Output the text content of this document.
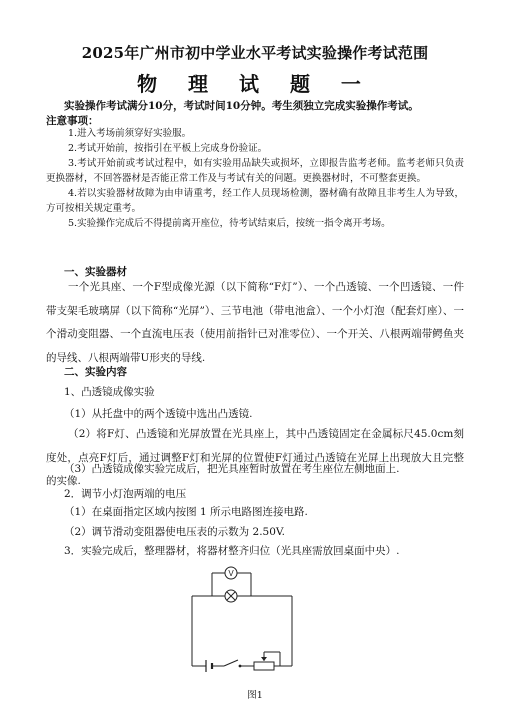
2025年广州市初中学业水平考试实验操作考试范围
物 理 试 题 一
实验操作考试满分10分，考试时间10分钟。考生须独立完成实验操作考试。
注意事项：

1.进入考场前须穿好实验服。

2.考试开始前，按指引在平板上完成身份验证。

3.考试开始前或考试过程中，如有实验用品缺失或损坏，立即报告监考老师。监考老师只负责更换器材，不回答器材是否能正常工作及与考试有关的问题。更换器材时，不可整套更换。

4.若以实验器材故障为由申请重考，经工作人员现场检测，器材确有故障且非考生人为导致，方可按相关规定重考。

5.实验操作完成后不得提前离开座位，待考试结束后，按统一指令离开考场。

一、实验器材
一个光具座、一个F型成像光源（以下简称“F灯”）、一个凸透镜、一个凹透镜、一件带支架毛玻璃屏（以下简称“光屏”）、三节电池（带电池盒）、一个小灯泡（配套灯座）、一个滑动变阻器、一个直流电压表（使用前指针已对准零位）、一个开关、八根两端带鳄鱼夹的导线、八根两端带U形夹的导线.
二、实验内容
1、凸透镜成像实验
（1）从托盘中的两个透镜中选出凸透镜.
（2）将F灯、凸透镜和光屏放置在光具座上，其中凸透镜固定在金属标尺45.0cm刻度处，点亮F灯后，通过调整F灯和光屏的位置使F灯通过凸透镜在光屏上出现放大且完整的实像.
（3）凸透镜成像实验完成后，把光具座暂时放置在考生座位左侧地面上.
2．调节小灯泡两端的电压
（1）在桌面指定区域内按图 1 所示电路图连接电路.
（2）调节滑动变阻器使电压表的示数为 2.50V.
3．实验完成后，整理器材，将器材整齐归位（光具座需放回桌面中央）.
V
图1
